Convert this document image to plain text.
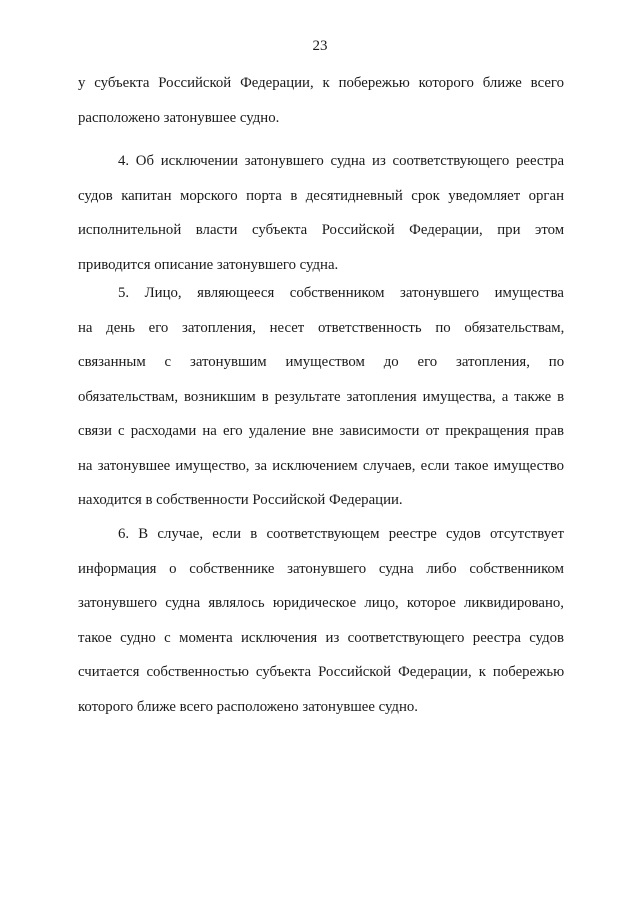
23
у субъекта Российской Федерации, к побережью которого ближе всего
расположено затонувшее судно.
4. Об исключении затонувшего судна из соответствующего реестра
судов капитан морского порта в десятидневный срок уведомляет орган
исполнительной власти субъекта Российской Федерации, при этом
приводится описание затонувшего судна.
5. Лицо, являющееся собственником затонувшего имущества
на день его затопления, несет ответственность по обязательствам,
связанным с затонувшим имуществом до его затопления, по
обязательствам, возникшим в результате затопления имущества, а также в
связи с расходами на его удаление вне зависимости от прекращения прав
на затонувшее имущество, за исключением случаев, если такое имущество
находится в собственности Российской Федерации.
6. В случае, если в соответствующем реестре судов отсутствует
информация о собственнике затонувшего судна либо собственником
затонувшего судна являлось юридическое лицо, которое ликвидировано,
такое судно с момента исключения из соответствующего реестра судов
считается собственностью субъекта Российской Федерации, к побережью
которого ближе всего расположено затонувшее судно.
